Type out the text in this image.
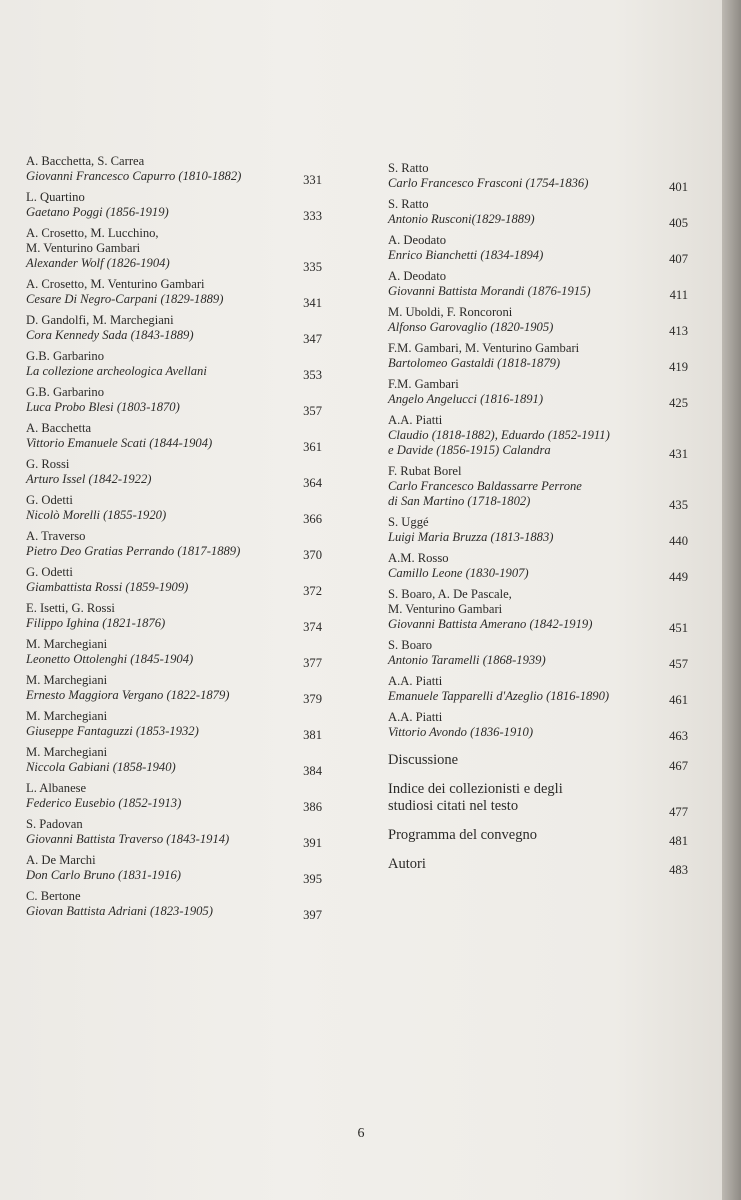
A. Bacchetta, S. Carrea
Giovanni Francesco Capurro (1810-1882)	331
L. Quartino
Gaetano Poggi (1856-1919)	333
A. Crosetto, M. Lucchino,
M. Venturino Gambari
Alexander Wolf (1826-1904)	335
A. Crosetto, M. Venturino Gambari
Cesare Di Negro-Carpani (1829-1889)	341
D. Gandolfi, M. Marchegiani
Cora Kennedy Sada (1843-1889)	347
G.B. Garbarino
La collezione archeologica Avellani	353
G.B. Garbarino
Luca Probo Blesi (1803-1870)	357
A. Bacchetta
Vittorio Emanuele Scati (1844-1904)	361
G. Rossi
Arturo Issel (1842-1922)	364
G. Odetti
Nicolò Morelli (1855-1920)	366
A. Traverso
Pietro Deo Gratias Perrando (1817-1889)	370
G. Odetti
Giambattista Rossi (1859-1909)	372
E. Isetti, G. Rossi
Filippo Ighina (1821-1876)	374
M. Marchegiani
Leonetto Ottolenghi (1845-1904)	377
M. Marchegiani
Ernesto Maggiora Vergano (1822-1879)	379
M. Marchegiani
Giuseppe Fantaguzzi (1853-1932)	381
M. Marchegiani
Niccola Gabiani (1858-1940)	384
L. Albanese
Federico Eusebio (1852-1913)	386
S. Padovan
Giovanni Battista Traverso (1843-1914)	391
A. De Marchi
Don Carlo Bruno (1831-1916)	395
C. Bertone
Giovan Battista Adriani (1823-1905)	397
S. Ratto
Carlo Francesco Frasconi (1754-1836)	401
S. Ratto
Antonio Rusconi(1829-1889)	405
A. Deodato
Enrico Bianchetti (1834-1894)	407
A. Deodato
Giovanni Battista Morandi (1876-1915)	411
M. Uboldi, F. Roncoroni
Alfonso Garovaglio (1820-1905)	413
F.M. Gambari, M. Venturino Gambari
Bartolomeo Gastaldi (1818-1879)	419
F.M. Gambari
Angelo Angelucci (1816-1891)	425
A.A. Piatti
Claudio (1818-1882), Eduardo (1852-1911)
e Davide (1856-1915) Calandra	431
F. Rubat Borel
Carlo Francesco Baldassarre Perrone
di San Martino (1718-1802)	435
S. Uggé
Luigi Maria Bruzza (1813-1883)	440
A.M. Rosso
Camillo Leone (1830-1907)	449
S. Boaro, A. De Pascale,
M. Venturino Gambari
Giovanni Battista Amerano (1842-1919)	451
S. Boaro
Antonio Taramelli (1868-1939)	457
A.A. Piatti
Emanuele Tapparelli d'Azeglio (1816-1890)	461
A.A. Piatti
Vittorio Avondo (1836-1910)	463
Discussione	467
Indice dei collezionisti e degli
studiosi citati nel testo	477
Programma del convegno	481
Autori	483
6
